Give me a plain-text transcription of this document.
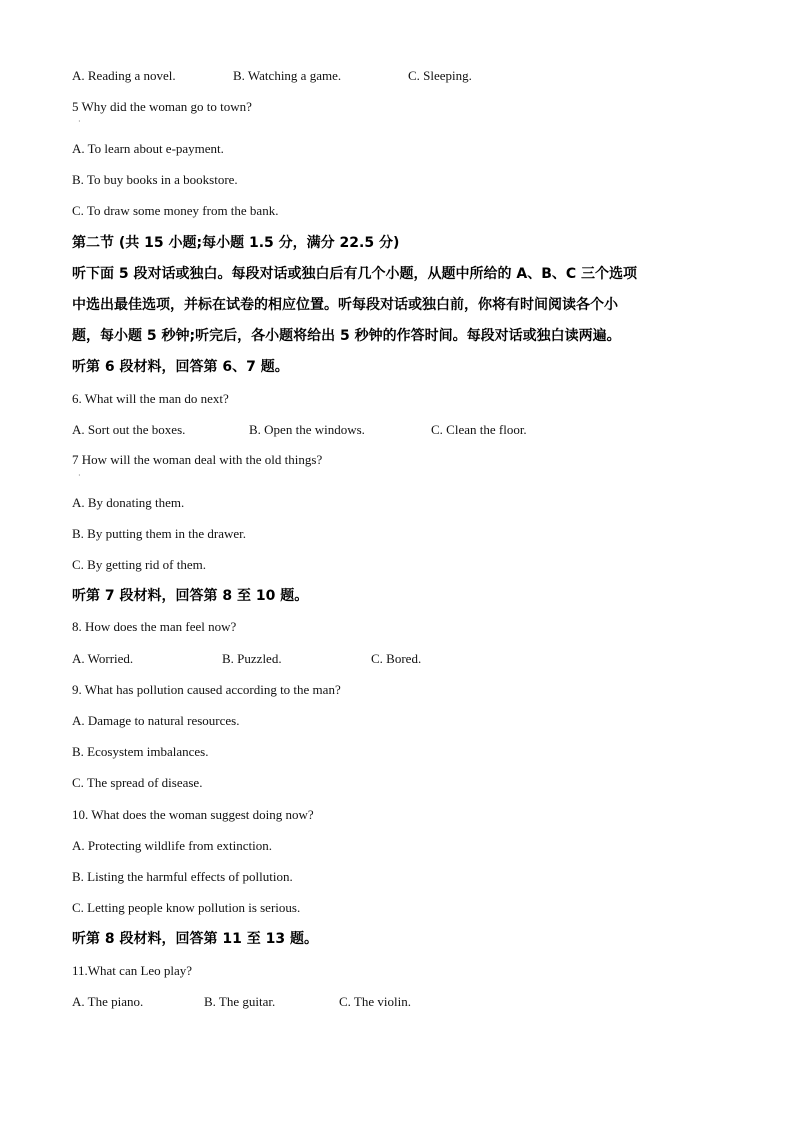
A. Reading a novel.	B. Watching a game.	C. Sleeping.
5 Why did the woman go to town?
·
A. To learn about e-payment.
B. To buy books in a bookstore.
C. To draw some money from the bank.
第二节 (共 15 小题;每小题 1.5 分，满分 22.5 分)
听下面 5 段对话或独白。每段对话或独白后有几个小题，从题中所给的 A、B、C 三个选项
中选出最佳选项，并标在试卷的相应位置。听每段对话或独白前，你将有时间阅读各个小
题，每小题 5 秒钟;听完后，各小题将给出 5 秒钟的作答时间。每段对话或独白读两遍。
听第 6 段材料，回答第 6、7 题。
6. What will the man do next?
A. Sort out the boxes.	B. Open the windows.	C. Clean the floor.
7 How will the woman deal with the old things?
·
A. By donating them.
B. By putting them in the drawer.
C. By getting rid of them.
听第 7 段材料，回答第 8 至 10 题。
8. How does the man feel now?
A. Worried.	B. Puzzled.	C. Bored.
9. What has pollution caused according to the man?
A. Damage to natural resources.
B. Ecosystem imbalances.
C. The spread of disease.
10. What does the woman suggest doing now?
A. Protecting wildlife from extinction.
B. Listing the harmful effects of pollution.
C. Letting people know pollution is serious.
听第 8 段材料，回答第 11 至 13 题。
11.What can Leo play?
A. The piano.	B. The guitar.	C. The violin.
